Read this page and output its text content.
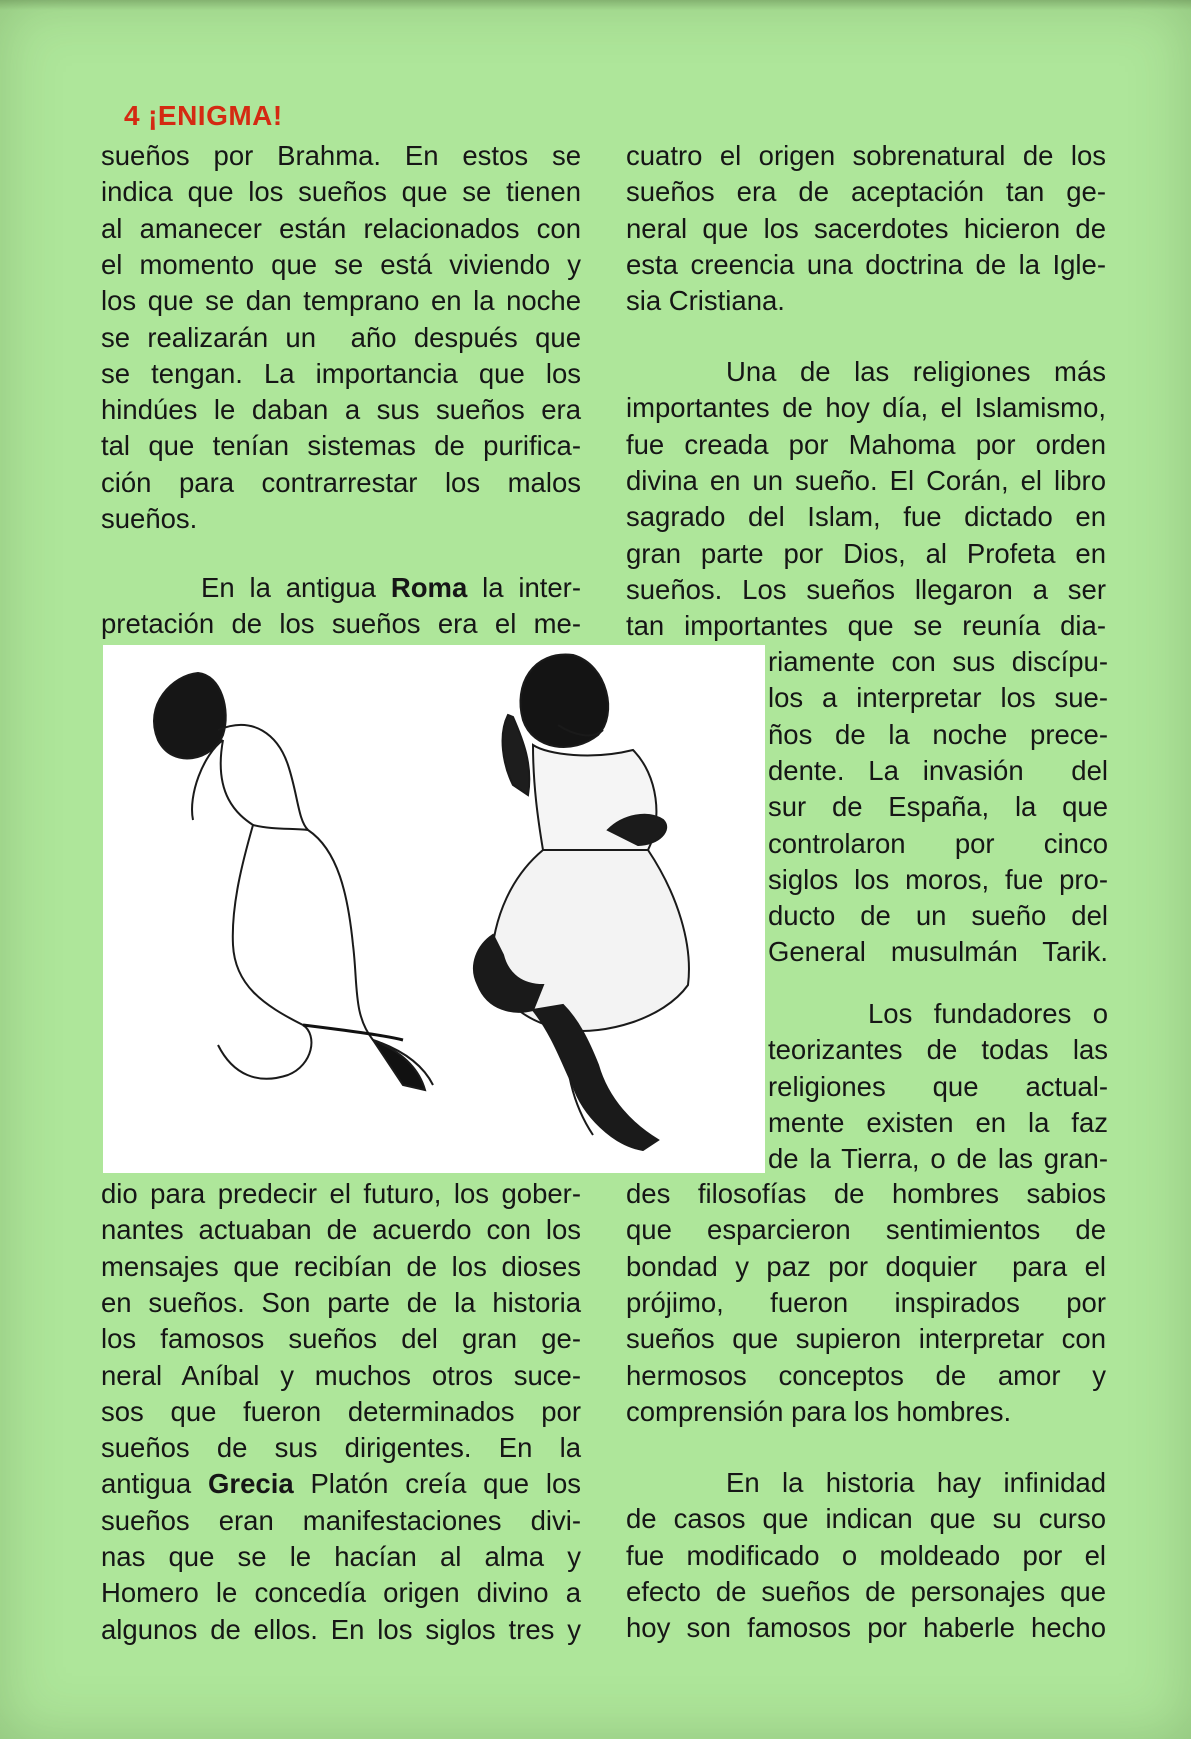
4 ¡ENIGMA!
sueños por Brahma. En estos se
indica que los sueños que se tienen
al amanecer están relacionados con
el momento que se está viviendo y
los que se dan temprano en la noche
se realizarán un  año después que
se tengan. La importancia que los
hindúes le daban a sus sueños era
tal que tenían sistemas de purifica-
ción para contrarrestar los malos
sueños.
En la antigua Roma la inter-
pretación de los sueños era el me-
dio para predecir el futuro, los gober-
nantes actuaban de acuerdo con los
mensajes que recibían de los dioses
en sueños. Son parte de la historia
los famosos sueños del gran ge-
neral Aníbal y muchos otros suce-
sos que fueron determinados por
sueños de sus dirigentes. En la
antigua Grecia Platón creía que los
sueños eran manifestaciones divi-
nas que se le hacían al alma y
Homero le concedía origen divino a
algunos de ellos. En los siglos tres y
cuatro el origen sobrenatural de los
sueños era de aceptación tan ge-
neral que los sacerdotes hicieron de
esta creencia una doctrina de la Igle-
sia Cristiana.
Una de las religiones más
importantes de hoy día, el Islamismo,
fue creada por Mahoma por orden
divina en un sueño. El Corán, el libro
sagrado del Islam, fue dictado en
gran parte por Dios, al Profeta en
sueños. Los sueños llegaron a ser
tan importantes que se reunía dia-
riamente con sus discípu-
los a interpretar los sue-
ños de la noche prece-
dente. La invasión  del
sur de España, la que
controlaron por cinco
siglos los moros, fue pro-
ducto de un sueño del
General musulmán Tarik.
Los fundadores o
teorizantes de todas las
religiones que actual-
mente existen en la faz
de la Tierra, o de las gran-
des filosofías de hombres sabios
que esparcieron sentimientos de
bondad y paz por doquier  para el
prójimo, fueron inspirados por
sueños que supieron interpretar con
hermosos conceptos de amor y
comprensión para los hombres.
En la historia hay infinidad
de casos que indican que su curso
fue modificado o moldeado por el
efecto de sueños de personajes que
hoy son famosos por haberle hecho
